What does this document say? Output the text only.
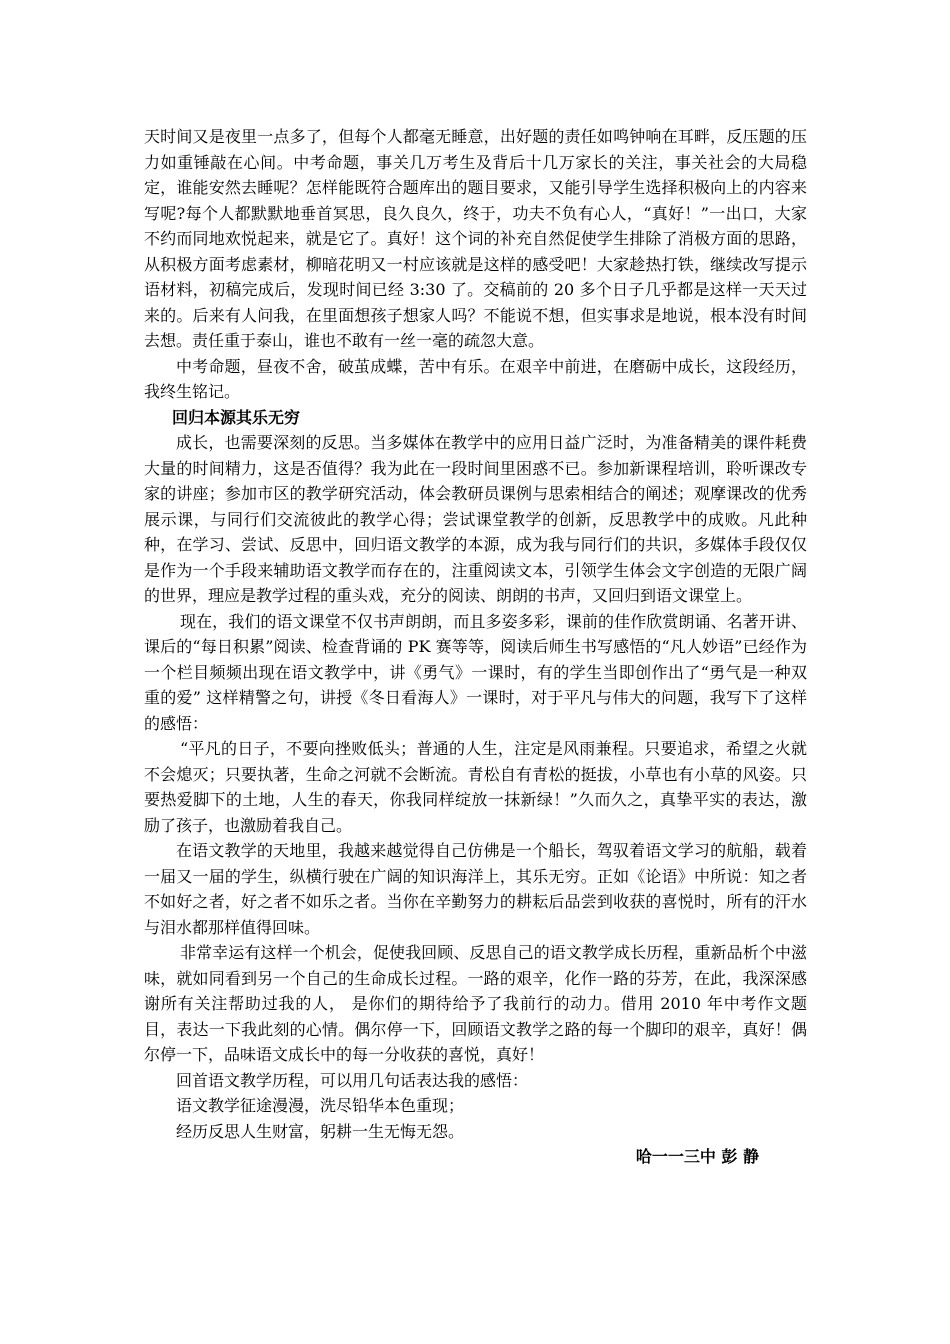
天时间又是夜里一点多了，但每个人都毫无睡意，出好题的责任如鸣钟响在耳畔，反压题的压力如重锤敲在心间。中考命题，事关几万考生及背后十几万家长的关注，事关社会的大局稳定，谁能安然去睡呢？怎样能既符合题库出的题目要求，又能引导学生选择积极向上的内容来写呢?每个人都默默地垂首冥思，良久良久，终于，功夫不负有心人，“真好！”一出口，大家不约而同地欢悦起来，就是它了。真好！这个词的补充自然促使学生排除了消极方面的思路，从积极方面考虑素材，柳暗花明又一村应该就是这样的感受吧！大家趁热打铁，继续改写提示语材料，初稿完成后，发现时间已经 3:30 了。交稿前的 20 多个日子几乎都是这样一天天过来的。后来有人问我，在里面想孩子想家人吗？不能说不想，但实事求是地说，根本没有时间去想。责任重于泰山，谁也不敢有一丝一毫的疏忽大意。

中考命题，昼夜不舍，破茧成蝶，苦中有乐。在艰辛中前进，在磨砺中成长，这段经历，我终生铭记。

回归本源其乐无穷

成长，也需要深刻的反思。当多媒体在教学中的应用日益广泛时，为准备精美的课件耗费大量的时间精力，这是否值得？我为此在一段时间里困惑不已。参加新课程培训，聆听课改专家的讲座；参加市区的教学研究活动，体会教研员课例与思索相结合的阐述；观摩课改的优秀展示课，与同行们交流彼此的教学心得；尝试课堂教学的创新，反思教学中的成败。凡此种种，在学习、尝试、反思中，回归语文教学的本源，成为我与同行们的共识，多媒体手段仅仅是作为一个手段来辅助语文教学而存在的，注重阅读文本，引领学生体会文字创造的无限广阔的世界，理应是教学过程的重头戏，充分的阅读、朗朗的书声，又回归到语文课堂上。

现在，我们的语文课堂不仅书声朗朗，而且多姿多彩，课前的佳作欣赏朗诵、名著开讲、课后的“每日积累”阅读、检查背诵的 PK 赛等等，阅读后师生书写感悟的“凡人妙语”已经作为一个栏目频频出现在语文教学中，讲《勇气》一课时，有的学生当即创作出了“勇气是一种双重的爱” 这样精警之句，讲授《冬日看海人》一课时，对于平凡与伟大的问题，我写下了这样的感悟：

“平凡的日子，不要向挫败低头；普通的人生，注定是风雨兼程。只要追求，希望之火就不会熄灭；只要执著，生命之河就不会断流。青松自有青松的挺拔，小草也有小草的风姿。只要热爱脚下的土地，人生的春天，你我同样绽放一抹新绿！”久而久之，真挚平实的表达，激励了孩子，也激励着我自己。

在语文教学的天地里，我越来越觉得自己仿佛是一个船长，驾驭着语文学习的航船，载着一届又一届的学生，纵横行驶在广阔的知识海洋上，其乐无穷。正如《论语》中所说：知之者不如好之者，好之者不如乐之者。当你在辛勤努力的耕耘后品尝到收获的喜悦时，所有的汗水与泪水都那样值得回味。

非常幸运有这样一个机会，促使我回顾、反思自己的语文教学成长历程，重新品析个中滋味，就如同看到另一个自己的生命成长过程。一路的艰辛，化作一路的芬芳，在此，我深深感谢所有关注帮助过我的人， 是你们的期待给予了我前行的动力。借用 2010 年中考作文题目，表达一下我此刻的心情。偶尔停一下，回顾语文教学之路的每一个脚印的艰辛，真好！偶尔停一下，品味语文成长中的每一分收获的喜悦，真好！

回首语文教学历程，可以用几句话表达我的感悟：

语文教学征途漫漫，洗尽铅华本色重现；

经历反思人生财富，躬耕一生无悔无怨。

哈一一三中 彭 静
